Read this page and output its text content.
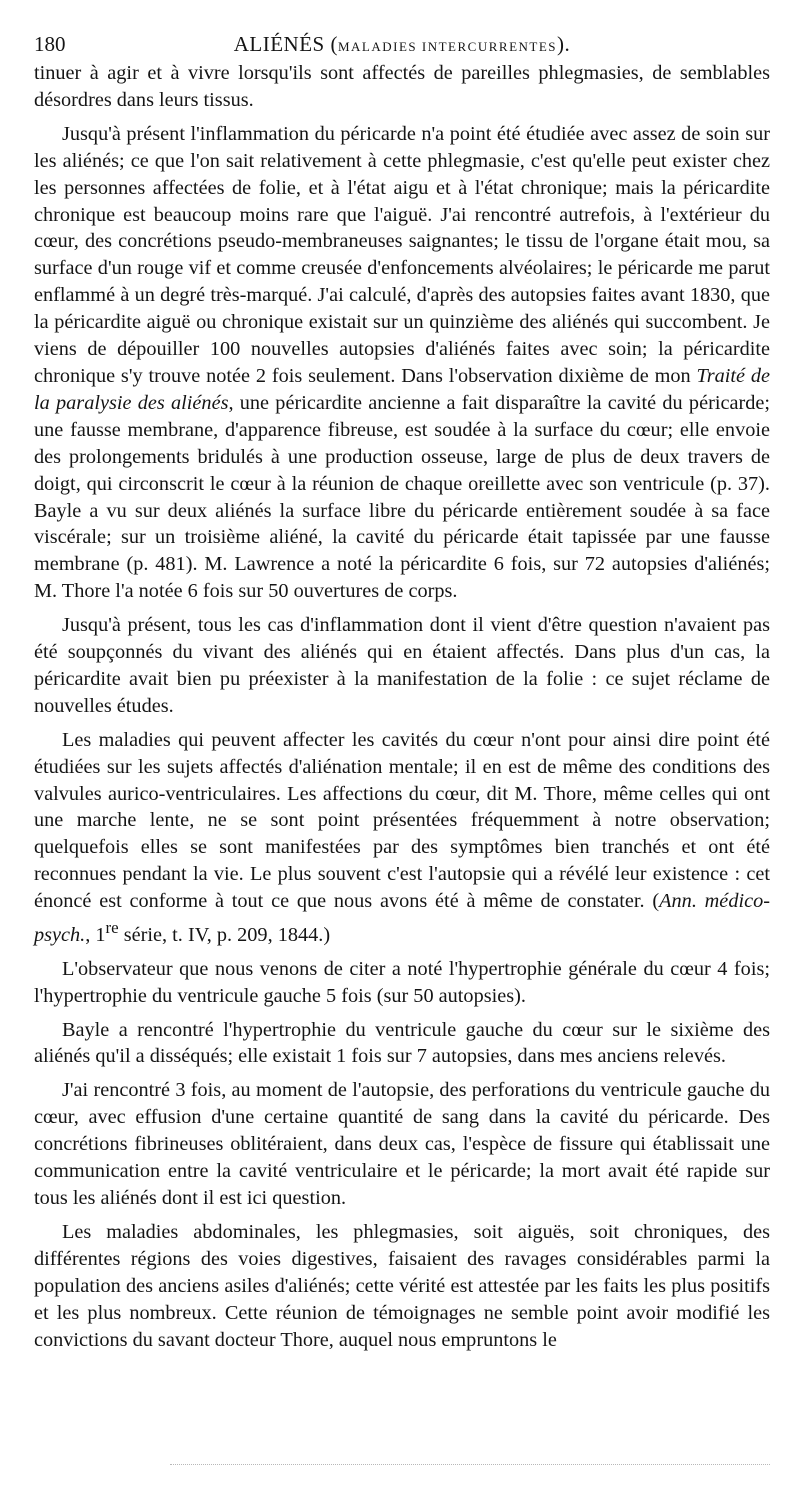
180	ALIÉNÉS (MALADIES INTERCURRENTES).

tinuer à agir et à vivre lorsqu'ils sont affectés de pareilles phlegmasies, de semblables désordres dans leurs tissus.

Jusqu'à présent l'inflammation du péricarde n'a point été étudiée avec assez de soin sur les aliénés; ce que l'on sait relativement à cette phlegmasie, c'est qu'elle peut exister chez les personnes affectées de folie, et à l'état aigu et à l'état chronique; mais la péricardite chronique est beaucoup moins rare que l'aiguë. J'ai rencontré autrefois, à l'extérieur du cœur, des concrétions pseudo-membraneuses saignantes; le tissu de l'organe était mou, sa surface d'un rouge vif et comme creusée d'enfoncements alvéolaires; le péricarde me parut enflammé à un degré très-marqué. J'ai calculé, d'après des autopsies faites avant 1830, que la péricardite aiguë ou chronique existait sur un quinzième des aliénés qui succombent. Je viens de dépouiller 100 nouvelles autopsies d'aliénés faites avec soin; la péricardite chronique s'y trouve notée 2 fois seulement. Dans l'observation dixième de mon Traité de la paralysie des aliénés, une péricardite ancienne a fait disparaître la cavité du péricarde; une fausse membrane, d'apparence fibreuse, est soudée à la surface du cœur; elle envoie des prolongements bridulés à une production osseuse, large de plus de deux travers de doigt, qui circonscrit le cœur à la réunion de chaque oreillette avec son ventricule (p. 37). Bayle a vu sur deux aliénés la surface libre du péricarde entièrement soudée à sa face viscérale; sur un troisième aliéné, la cavité du péricarde était tapissée par une fausse membrane (p. 481). M. Lawrence a noté la péricardite 6 fois, sur 72 autopsies d'aliénés; M. Thore l'a notée 6 fois sur 50 ouvertures de corps.

Jusqu'à présent, tous les cas d'inflammation dont il vient d'être question n'avaient pas été soupçonnés du vivant des aliénés qui en étaient affectés. Dans plus d'un cas, la péricardite avait bien pu préexister à la manifestation de la folie : ce sujet réclame de nouvelles études.

Les maladies qui peuvent affecter les cavités du cœur n'ont pour ainsi dire point été étudiées sur les sujets affectés d'aliénation mentale; il en est de même des conditions des valvules aurico-ventriculaires. Les affections du cœur, dit M. Thore, même celles qui ont une marche lente, ne se sont point présentées fréquemment à notre observation; quelquefois elles se sont manifestées par des symptômes bien tranchés et ont été reconnues pendant la vie. Le plus souvent c'est l'autopsie qui a révélé leur existence : cet énoncé est conforme à tout ce que nous avons été à même de constater. (Ann. médico-psych., 1re série, t. IV, p. 209, 1844.)

L'observateur que nous venons de citer a noté l'hypertrophie générale du cœur 4 fois; l'hypertrophie du ventricule gauche 5 fois (sur 50 autopsies).

Bayle a rencontré l'hypertrophie du ventricule gauche du cœur sur le sixième des aliénés qu'il a disséqués; elle existait 1 fois sur 7 autopsies, dans mes anciens relevés.

J'ai rencontré 3 fois, au moment de l'autopsie, des perforations du ventricule gauche du cœur, avec effusion d'une certaine quantité de sang dans la cavité du péricarde. Des concrétions fibrineuses oblitéraient, dans deux cas, l'espèce de fissure qui établissait une communication entre la cavité ventriculaire et le péricarde; la mort avait été rapide sur tous les aliénés dont il est ici question.

Les maladies abdominales, les phlegmasies, soit aiguës, soit chroniques, des différentes régions des voies digestives, faisaient des ravages considérables parmi la population des anciens asiles d'aliénés; cette vérité est attestée par les faits les plus positifs et les plus nombreux. Cette réunion de témoignages ne semble point avoir modifié les convictions du savant docteur Thore, auquel nous empruntons le
